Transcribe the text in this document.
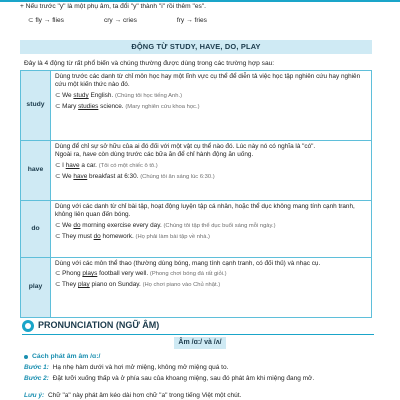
+ Nếu trước "y" là một phụ âm, ta đổi "y" thành "i" rồi thêm "es".
⊂ fly → flies	cry → cries	fry → fries
ĐỘNG TỪ STUDY, HAVE, DO, PLAY
Đây là 4 động từ rất phổ biến và chúng thường được dùng trong các trường hợp sau:
study	Dùng trước các danh từ chỉ môn học hay một lĩnh vực cụ thể để diễn tả việc học tập nghiên cứu hay nghiên cứu một kiến thức nào đó.
⊂ We study English. (Chúng tôi học tiếng Anh.)
⊂ Mary studies science. (Mary nghiên cứu khoa học.)

have	Dùng để chỉ sự sở hữu của ai đó đối với một vật cụ thể nào đó. Lúc này nó có nghĩa là "có".
Ngoài ra, have còn dùng trước các bữa ăn để chỉ hành động ăn uống.
⊂ I have a car. (Tôi có một chiếc ô tô.)
⊂ We have breakfast at 6:30. (Chúng tôi ăn sáng lúc 6:30.)

do	Dùng với các danh từ chỉ bài tập, hoạt động luyện tập cá nhân, hoặc thể dục không mang tính cạnh tranh, không liên quan đến bóng.
⊂ We do morning exercise every day. (Chúng tôi tập thể dục buổi sáng mỗi ngày.)
⊂ They must do homework. (Họ phải làm bài tập về nhà.)

play	Dùng với các môn thể thao (thường dùng bóng, mang tính cạnh tranh, có đối thủ) và nhạc cụ.
⊂ Phong plays football very well. (Phong chơi bóng đá rất giỏi.)
⊂ They play piano on Sunday. (Họ chơi piano vào Chủ nhật.)
PRONUNCIATION (NGỮ ÂM)
Âm /ɑ:/ và /ʌ/
Cách phát âm âm /ɑ:/
Bước 1: Hạ nhẹ hàm dưới và hơi mở miệng, không mở miệng quá to.
Bước 2: Đặt lưỡi xuống thấp và ở phía sau của khoang miệng, sau đó phát âm khi miệng đang mở.
Lưu ý: Chữ "a" này phát âm kéo dài hơn chữ "a" trong tiếng Việt một chút.
